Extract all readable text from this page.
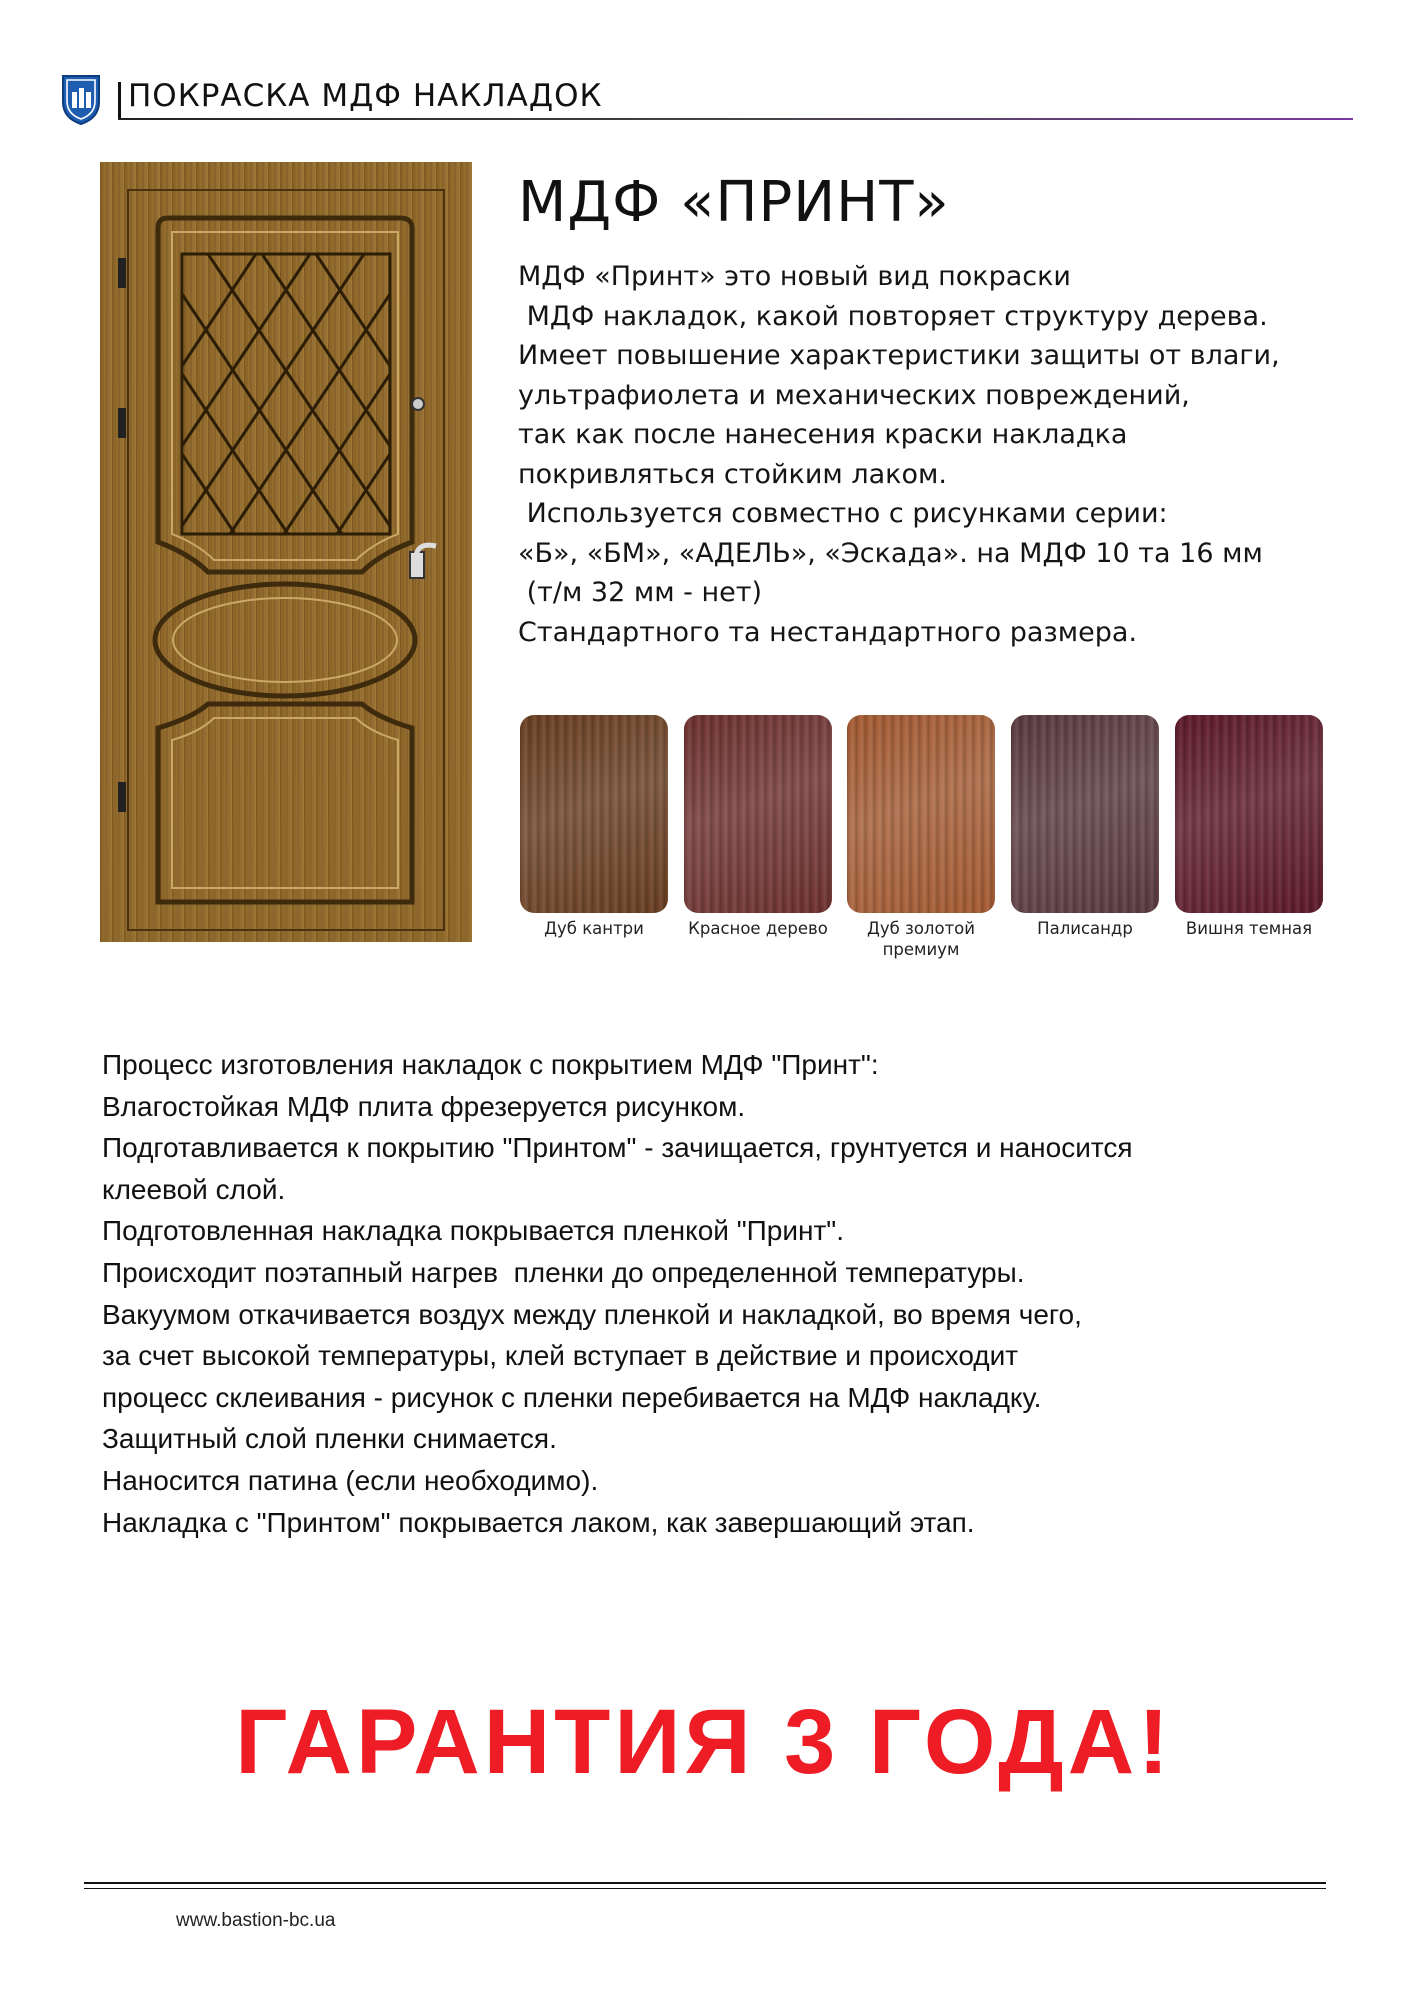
ПОКРАСКА МДФ НАКЛАДОК
МДФ «ПРИНТ»
МДФ «Принт» это новый вид покраски
МДФ накладок, какой повторяет структуру дерева.
Имеет повышение характеристики защиты от влаги,
ультрафиолета и механических повреждений,
так как после нанесения краски накладка
покривляться стойким лаком.
Используется совместно с рисунками серии:
«Б», «БМ», «АДЕЛЬ», «Эскада». на МДФ 10 та 16 мм
(т/м 32 мм - нет)
Стандартного та нестандартного размера.
Дуб кантри	Красное дерево	Дуб золотой премиум
Палисандр	Вишня темная
Процесс изготовления накладок с покрытием МДФ "Принт":
Влагостойкая МДФ плита фрезеруется рисунком.
Подготавливается к покрытию "Принтом" - зачищается, грунтуется и наносится
клеевой слой.
Подготовленная накладка покрывается пленкой "Принт".
Происходит поэтапный нагрев  пленки до определенной температуры.
Вакуумом откачивается воздух между пленкой и накладкой, во время чего,
за счет высокой температуры, клей вступает в действие и происходит
процесс склеивания - рисунок с пленки перебивается на МДФ накладку.
Защитный слой пленки снимается.
Наносится патина (если необходимо).
Накладка с "Принтом" покрывается лаком, как завершающий этап.
ГАРАНТИЯ 3 ГОДА!
www.bastion-bc.ua
